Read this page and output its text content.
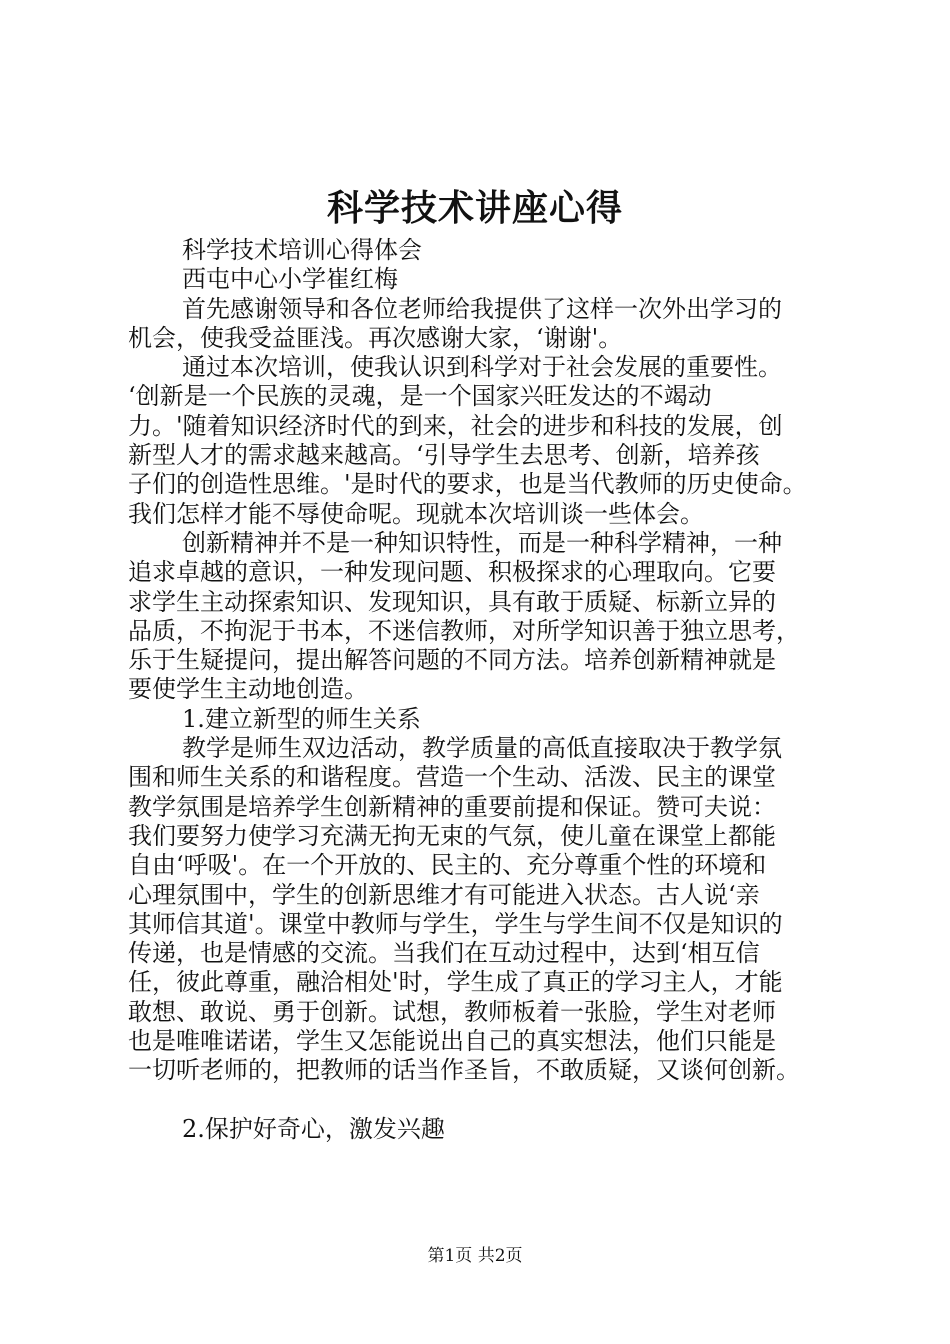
科学技术讲座心得
科学技术培训心得体会
西屯中心小学崔红梅
首先感谢领导和各位老师给我提供了这样一次外出学习的
机会，使我受益匪浅。再次感谢大家，‘谢谢'。
通过本次培训，使我认识到科学对于社会发展的重要性。
‘创新是一个民族的灵魂，是一个国家兴旺发达的不竭动
力。'随着知识经济时代的到来，社会的进步和科技的发展，创
新型人才的需求越来越高。‘引导学生去思考、创新，培养孩
子们的创造性思维。'是时代的要求，也是当代教师的历史使命。
我们怎样才能不辱使命呢。现就本次培训谈一些体会。
创新精神并不是一种知识特性，而是一种科学精神，一种
追求卓越的意识，一种发现问题、积极探求的心理取向。它要
求学生主动探索知识、发现知识，具有敢于质疑、标新立异的
品质，不拘泥于书本，不迷信教师，对所学知识善于独立思考，
乐于生疑提问，提出解答问题的不同方法。培养创新精神就是
要使学生主动地创造。
1.建立新型的师生关系
教学是师生双边活动，教学质量的高低直接取决于教学氛
围和师生关系的和谐程度。营造一个生动、活泼、民主的课堂
教学氛围是培养学生创新精神的重要前提和保证。赞可夫说：
我们要努力使学习充满无拘无束的气氛，使儿童在课堂上都能
自由‘呼吸'。在一个开放的、民主的、充分尊重个性的环境和
心理氛围中，学生的创新思维才有可能进入状态。古人说‘亲
其师信其道'。课堂中教师与学生，学生与学生间不仅是知识的
传递，也是情感的交流。当我们在互动过程中，达到‘相互信
任，彼此尊重，融洽相处'时，学生成了真正的学习主人，才能
敢想、敢说、勇于创新。试想，教师板着一张脸，学生对老师
也是唯唯诺诺，学生又怎能说出自己的真实想法，他们只能是
一切听老师的，把教师的话当作圣旨，不敢质疑，又谈何创新。
2.保护好奇心，激发兴趣
第1页 共2页
